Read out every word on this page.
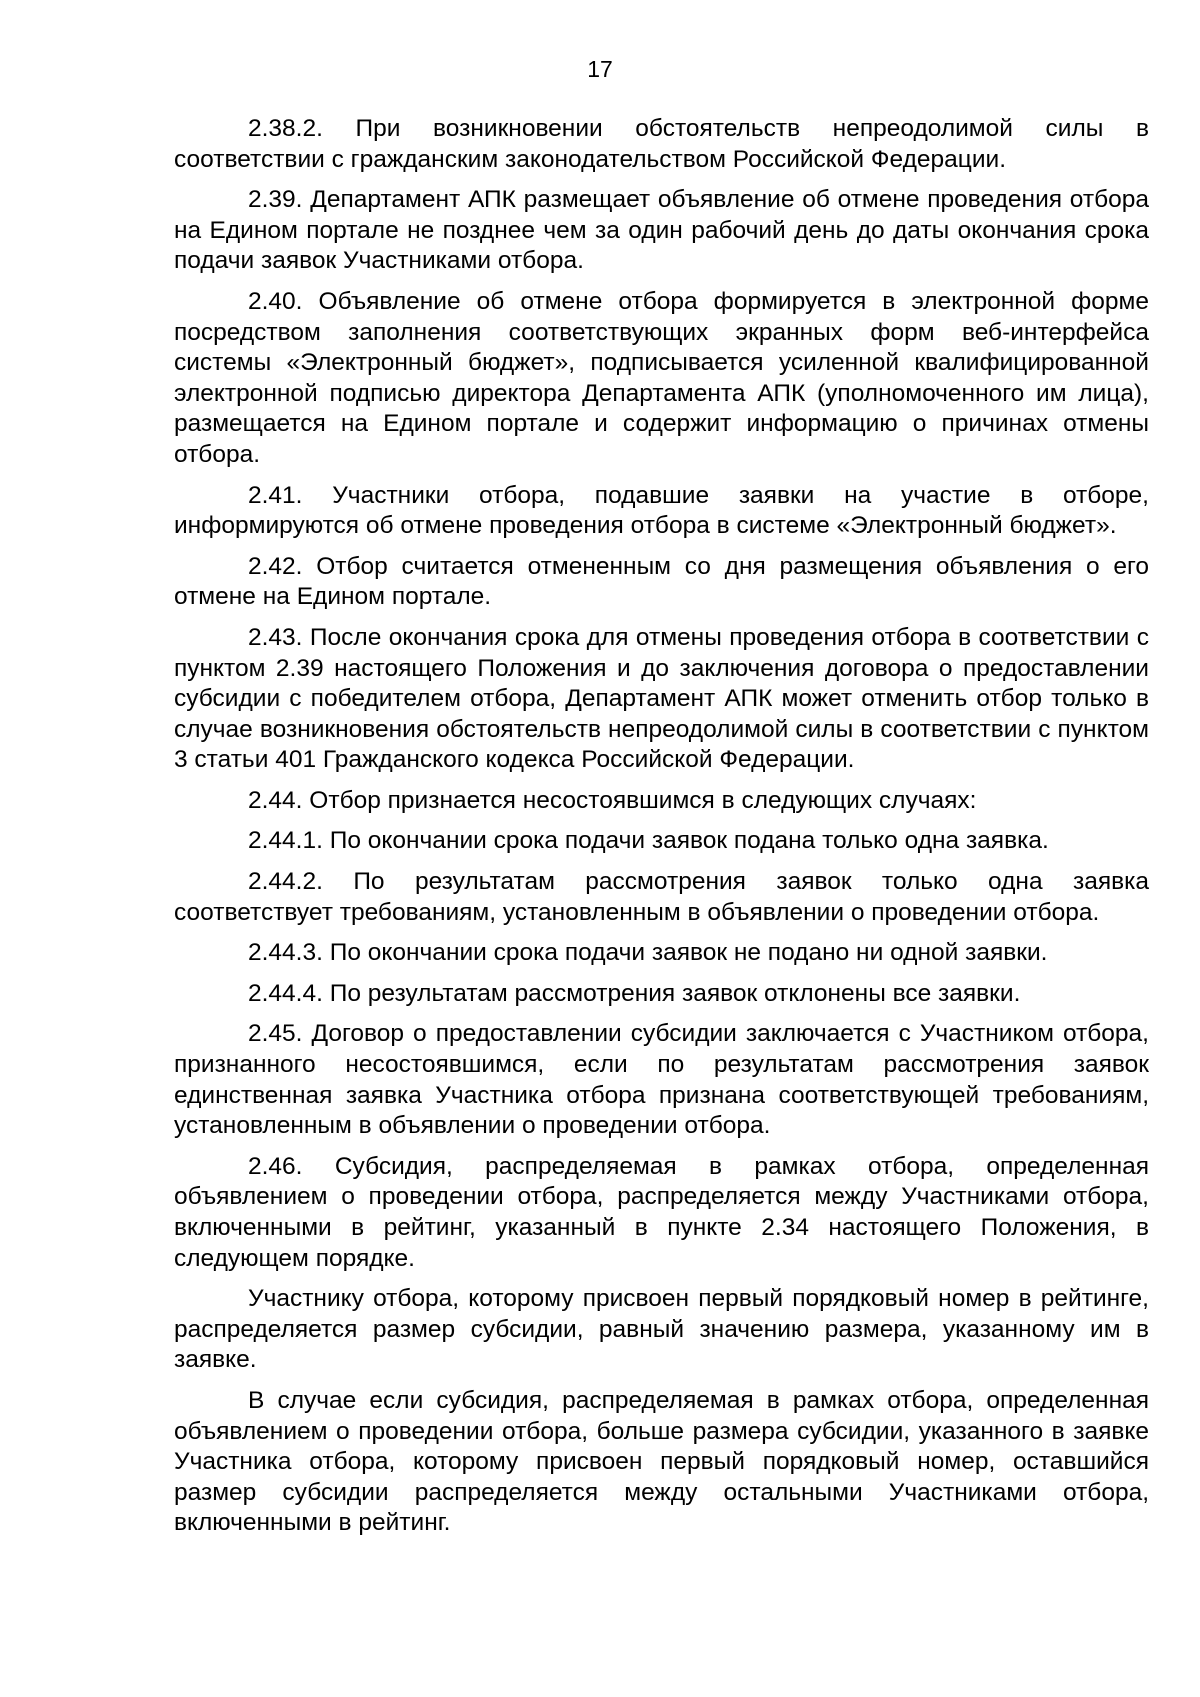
17

2.38.2. При возникновении обстоятельств непреодолимой силы в соответствии с гражданским законодательством Российской Федерации.

2.39. Департамент АПК размещает объявление об отмене проведения отбора на Едином портале не позднее чем за один рабочий день до даты окончания срока подачи заявок Участниками отбора.

2.40. Объявление об отмене отбора формируется в электронной форме посредством заполнения соответствующих экранных форм веб-интерфейса системы «Электронный бюджет», подписывается усиленной квалифицированной электронной подписью директора Департамента АПК (уполномоченного им лица), размещается на Едином портале и содержит информацию о причинах отмены отбора.

2.41. Участники отбора, подавшие заявки на участие в отборе, информируются об отмене проведения отбора в системе «Электронный бюджет».

2.42. Отбор считается отмененным со дня размещения объявления о его отмене на Едином портале.

2.43. После окончания срока для отмены проведения отбора в соответствии с пунктом 2.39 настоящего Положения и до заключения договора о предоставлении субсидии с победителем отбора, Департамент АПК может отменить отбор только в случае возникновения обстоятельств непреодолимой силы в соответствии с пунктом 3 статьи 401 Гражданского кодекса Российской Федерации.

2.44. Отбор признается несостоявшимся в следующих случаях:

2.44.1. По окончании срока подачи заявок подана только одна заявка.

2.44.2. По результатам рассмотрения заявок только одна заявка соответствует требованиям, установленным в объявлении о проведении отбора.

2.44.3. По окончании срока подачи заявок не подано ни одной заявки.

2.44.4. По результатам рассмотрения заявок отклонены все заявки.

2.45. Договор о предоставлении субсидии заключается с Участником отбора, признанного несостоявшимся, если по результатам рассмотрения заявок единственная заявка Участника отбора признана соответствующей требованиям, установленным в объявлении о проведении отбора.

2.46. Субсидия, распределяемая в рамках отбора, определенная объявлением о проведении отбора, распределяется между Участниками отбора, включенными в рейтинг, указанный в пункте 2.34 настоящего Положения, в следующем порядке.

Участнику отбора, которому присвоен первый порядковый номер в рейтинге, распределяется размер субсидии, равный значению размера, указанному им в заявке.

В случае если субсидия, распределяемая в рамках отбора, определенная объявлением о проведении отбора, больше размера субсидии, указанного в заявке Участника отбора, которому присвоен первый порядковый номер, оставшийся размер субсидии распределяется между остальными Участниками отбора, включенными в рейтинг.
